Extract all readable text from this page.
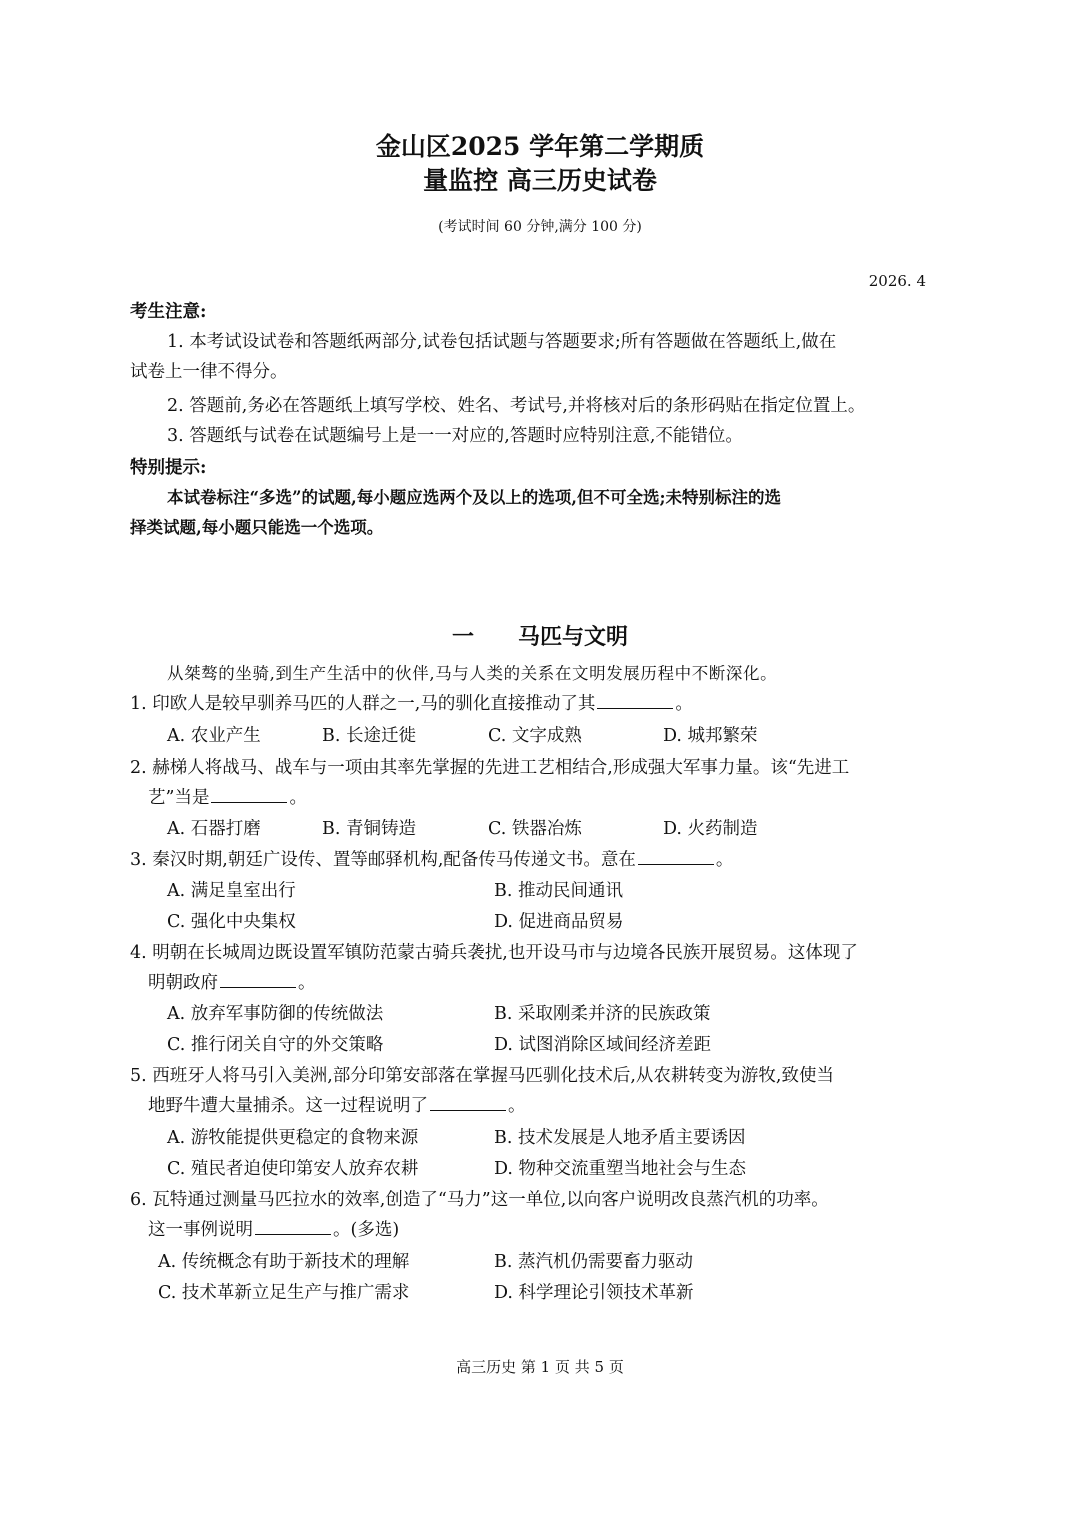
金山区2025 学年第二学期质
量监控 高三历史试卷
(考试时间 60 分钟,满分 100 分)
2026. 4
考生注意:
1. 本考试设试卷和答题纸两部分,试卷包括试题与答题要求;所有答题做在答题纸上,做在
试卷上一律不得分。
2. 答题前,务必在答题纸上填写学校、姓名、考试号,并将核对后的条形码贴在指定位置上。
3. 答题纸与试卷在试题编号上是一一对应的,答题时应特别注意,不能错位。
特别提示:
本试卷标注“多选”的试题,每小题应选两个及以上的选项,但不可全选;未特别标注的选
择类试题,每小题只能选一个选项。
一 马匹与文明
从桀骜的坐骑,到生产生活中的伙伴,马与人类的关系在文明发展历程中不断深化。
1. 印欧人是较早驯养马匹的人群之一,马的驯化直接推动了其	。
A. 农业产生	B. 长途迁徙	C. 文字成熟	D. 城邦繁荣
2. 赫梯人将战马、战车与一项由其率先掌握的先进工艺相结合,形成强大军事力量。该“先进工
艺”当是	。
A. 石器打磨	B. 青铜铸造	C. 铁器冶炼	D. 火药制造
3. 秦汉时期,朝廷广设传、置等邮驿机构,配备传马传递文书。意在	。
A. 满足皇室出行	B. 推动民间通讯
C. 强化中央集权	D. 促进商品贸易
4. 明朝在长城周边既设置军镇防范蒙古骑兵袭扰,也开设马市与边境各民族开展贸易。这体现了
明朝政府	。
A. 放弃军事防御的传统做法	B. 采取刚柔并济的民族政策
C. 推行闭关自守的外交策略	D. 试图消除区域间经济差距
5. 西班牙人将马引入美洲,部分印第安部落在掌握马匹驯化技术后,从农耕转变为游牧,致使当
地野牛遭大量捕杀。这一过程说明了	。
A. 游牧能提供更稳定的食物来源	B. 技术发展是人地矛盾主要诱因
C. 殖民者迫使印第安人放弃农耕	D. 物种交流重塑当地社会与生态
6. 瓦特通过测量马匹拉水的效率,创造了“马力”这一单位,以向客户说明改良蒸汽机的功率。
这一事例说明	。(多选)
A. 传统概念有助于新技术的理解	B. 蒸汽机仍需要畜力驱动
C. 技术革新立足生产与推广需求	D. 科学理论引领技术革新
高三历史 第 1 页 共 5 页
